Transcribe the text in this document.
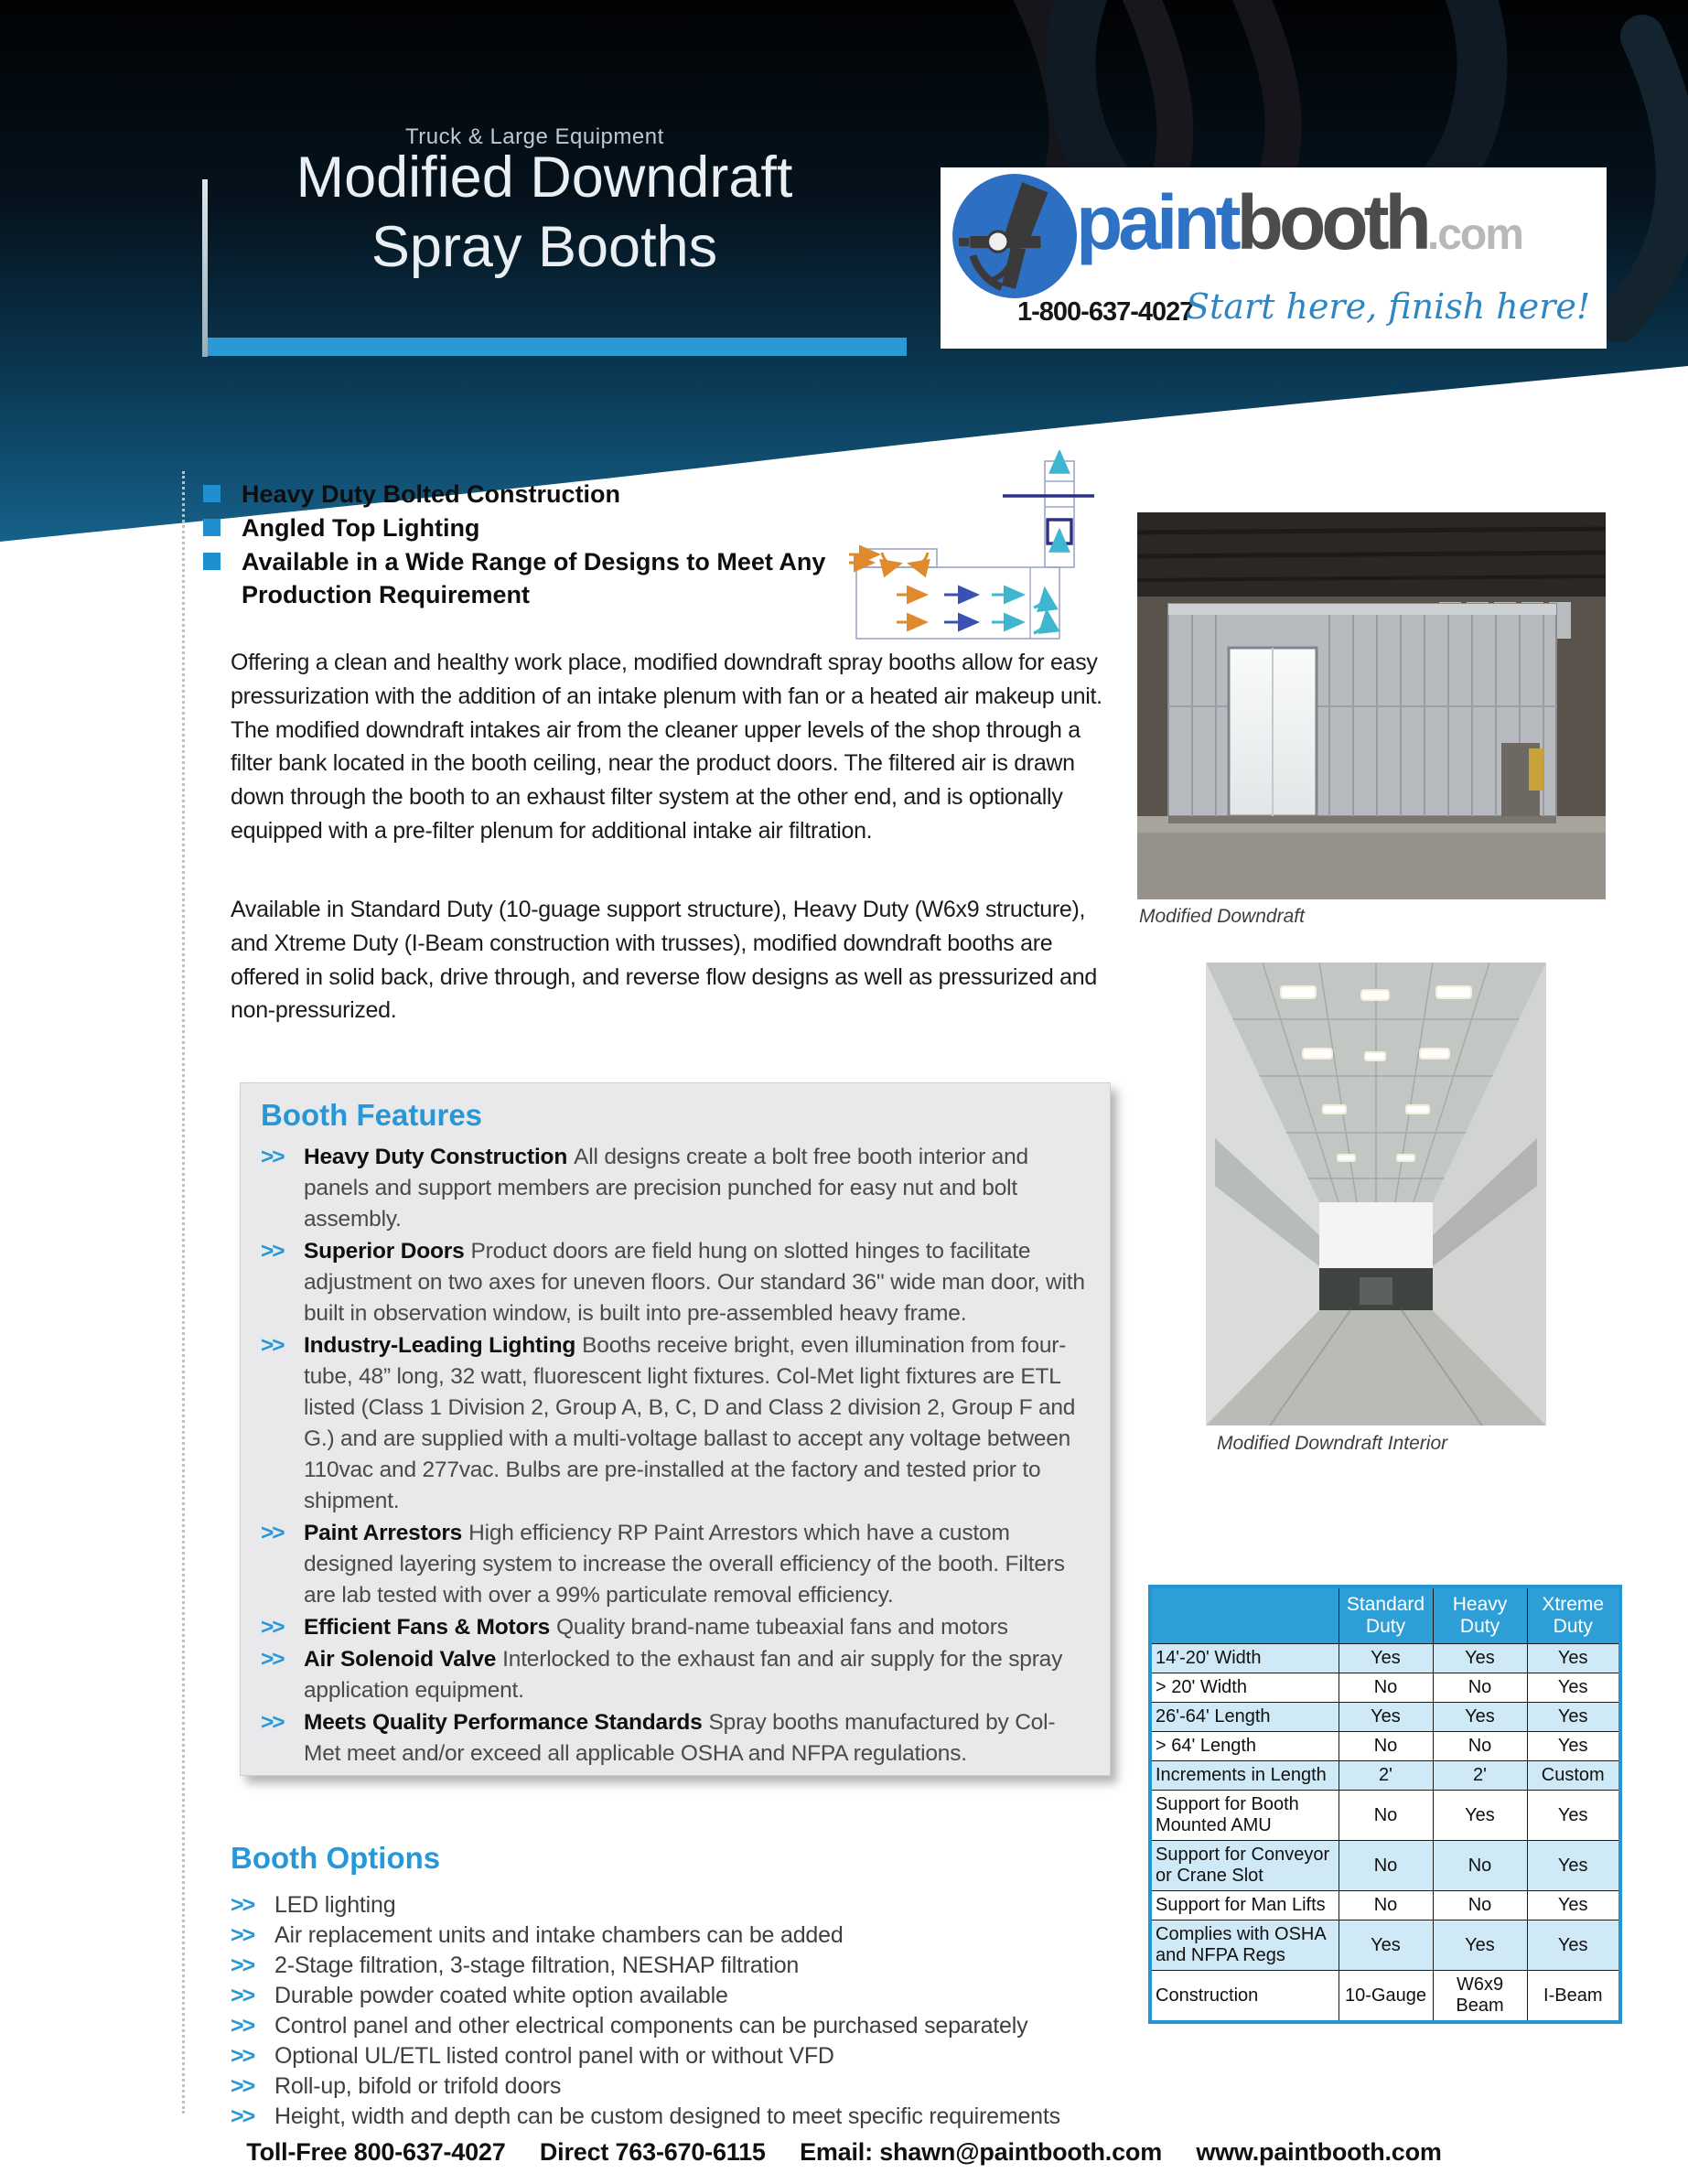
Truck & Large Equipment
Modified Downdraft
Spray Booths	paintbooth.com
1-800-637-4027
Start here, finish here!
Heavy Duty Bolted Construction
Angled Top Lighting
Available in a Wide Range of Designs to Meet Any Production Requirement
Modified Downdraft
Offering a clean and healthy work place, modified downdraft spray booths allow for easy pressurization with the addition of an intake plenum with fan or a heated air makeup unit. The modified downdraft intakes air from the cleaner upper levels of the shop through a filter bank located in the booth ceiling, near the product doors. The filtered air is drawn down through the booth to an exhaust filter system at the other end, and is optionally equipped with a pre-filter plenum for additional intake air filtration.
Available in Standard Duty (10-guage support structure), Heavy Duty (W6x9 structure), and Xtreme Duty (I-Beam construction with trusses), modified downdraft booths are offered in solid back, drive through, and reverse flow designs as well as pressurized and non-pressurized.
Modified Downdraft Interior
Booth Features
>> Heavy Duty Construction All designs create a bolt free booth interior and panels and support members are precision punched for easy nut and bolt assembly.
>> Superior Doors Product doors are field hung on slotted hinges to facilitate adjustment on two axes for uneven floors. Our standard 36" wide man door, with built in observation window, is built into pre-assembled heavy frame.
>> Industry-Leading Lighting Booths receive bright, even illumination from four-tube, 48” long, 32 watt, fluorescent light fixtures. Col-Met light fixtures are ETL listed (Class 1 Division 2, Group A, B, C, D and Class 2 division 2, Group F and G.) and are supplied with a multi-voltage ballast to accept any voltage between 110vac and 277vac. Bulbs are pre-installed at the factory and tested prior to shipment.
>> Paint Arrestors High efficiency RP Paint Arrestors which have a custom designed layering system to increase the overall efficiency of the booth. Filters are lab tested with over a 99% particulate removal efficiency.
>> Efficient Fans & Motors Quality brand-name tubeaxial fans and motors
>> Air Solenoid Valve Interlocked to the exhaust fan and air supply for the spray application equipment.
>> Meets Quality Performance Standards Spray booths manufactured by Col-Met meet and/or exceed all applicable OSHA and NFPA regulations.
Booth Options
>> LED lighting
>> Air replacement units and intake chambers can be added
>> 2-Stage filtration, 3-stage filtration, NESHAP filtration
>> Durable powder coated white option available
>> Control panel and other electrical components can be purchased separately
>> Optional UL/ETL listed control panel with or without VFD
>> Roll-up, bifold or trifold doors
>> Height, width and depth can be custom designed to meet specific requirements
	Standard Duty	Heavy Duty	Xtreme Duty
14'-20' Width	Yes	Yes	Yes
> 20' Width	No	No	Yes
26'-64' Length	Yes	Yes	Yes
> 64' Length	No	No	Yes
Increments in Length	2'	2'	Custom
Support for Booth Mounted AMU	No	Yes	Yes
Support for Conveyor or Crane Slot	No	No	Yes
Support for Man Lifts	No	No	Yes
Complies with OSHA and NFPA Regs	Yes	Yes	Yes
Construction	10-Gauge	W6x9 Beam	I-Beam
Toll-Free 800-637-4027 Direct 763-670-6115 Email: shawn@paintbooth.com www.paintbooth.com
